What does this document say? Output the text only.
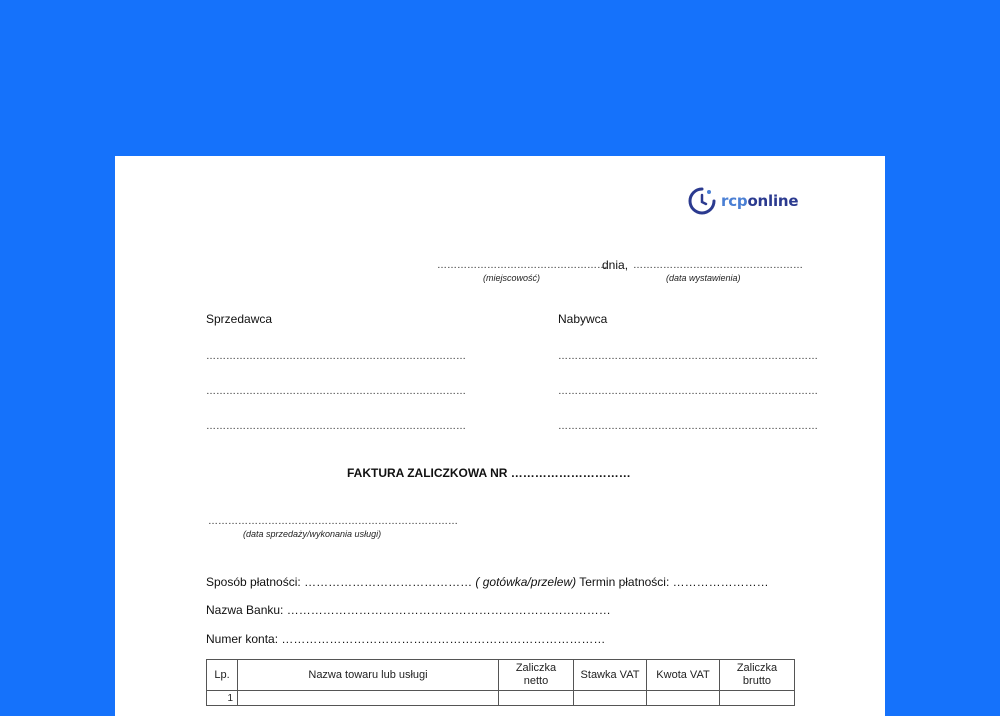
rcponline
……………………………………………
dnia, ……………………………………………
(miejscowość)	(data wystawienia)
Sprzedawca	Nabywca
……………………………………………………………………
……………………………………………………………………
……………………………………………………………………
……………………………………………………………………
……………………………………………………………………
……………………………………………………………………
FAKTURA ZALICZKOWA NR …………………………
…………………………………………………………………
(data sprzedaży/wykonania usługi)
Sposób płatności: …………………………………… ( gotówka/przelew) Termin płatności: ……………………
Nazwa Banku: ………………………………………………………………………
Numer konta: ………………………………………………………………………
Lp.	Nazwa towaru lub usługi	Zaliczka netto	Stawka VAT	Kwota VAT	Zaliczka brutto
1					
